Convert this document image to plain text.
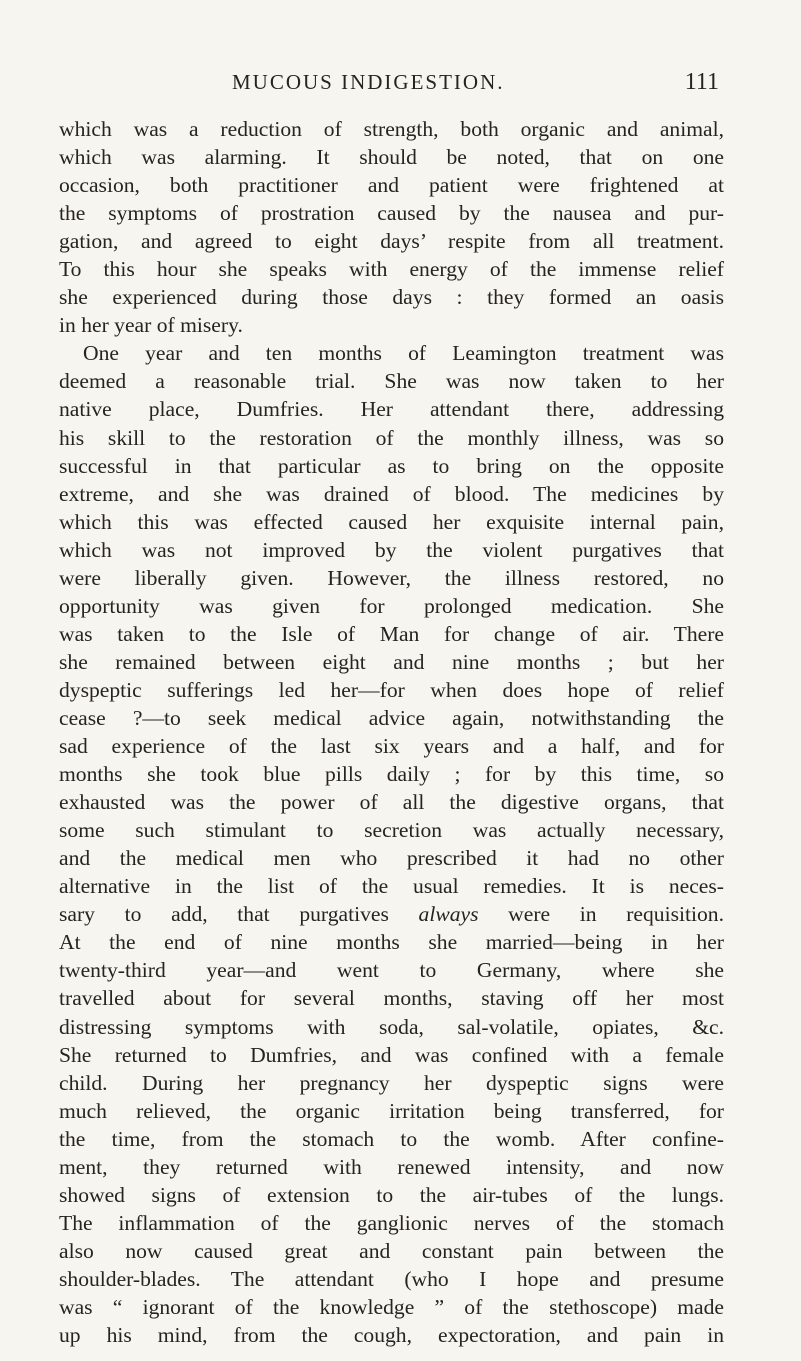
MUCOUS INDIGESTION.	111
which was a reduction of strength, both organic and animal,
which was alarming. It should be noted, that on one
occasion, both practitioner and patient were frightened at
the symptoms of prostration caused by the nausea and pur-
gation, and agreed to eight days’ respite from all treatment.
To this hour she speaks with energy of the immense relief
she experienced during those days : they formed an oasis
in her year of misery.
One year and ten months of Leamington treatment was
deemed a reasonable trial. She was now taken to her
native place, Dumfries. Her attendant there, addressing
his skill to the restoration of the monthly illness, was so
successful in that particular as to bring on the opposite
extreme, and she was drained of blood. The medicines by
which this was effected caused her exquisite internal pain,
which was not improved by the violent purgatives that
were liberally given. However, the illness restored, no
opportunity was given for prolonged medication. She
was taken to the Isle of Man for change of air. There
she remained between eight and nine months ; but her
dyspeptic sufferings led her—for when does hope of relief
cease ?—to seek medical advice again, notwithstanding the
sad experience of the last six years and a half, and for
months she took blue pills daily ; for by this time, so
exhausted was the power of all the digestive organs, that
some such stimulant to secretion was actually necessary,
and the medical men who prescribed it had no other
alternative in the list of the usual remedies. It is neces-
sary to add, that purgatives always were in requisition.
At the end of nine months she married—being in her
twenty-third year—and went to Germany, where she
travelled about for several months, staving off her most
distressing symptoms with soda, sal-volatile, opiates, &c.
She returned to Dumfries, and was confined with a female
child. During her pregnancy her dyspeptic signs were
much relieved, the organic irritation being transferred, for
the time, from the stomach to the womb. After confine-
ment, they returned with renewed intensity, and now
showed signs of extension to the air-tubes of the lungs.
The inflammation of the ganglionic nerves of the stomach
also now caused great and constant pain between the
shoulder-blades. The attendant (who I hope and presume
was “ ignorant of the knowledge ” of the stethoscope) made
up his mind, from the cough, expectoration, and pain in
